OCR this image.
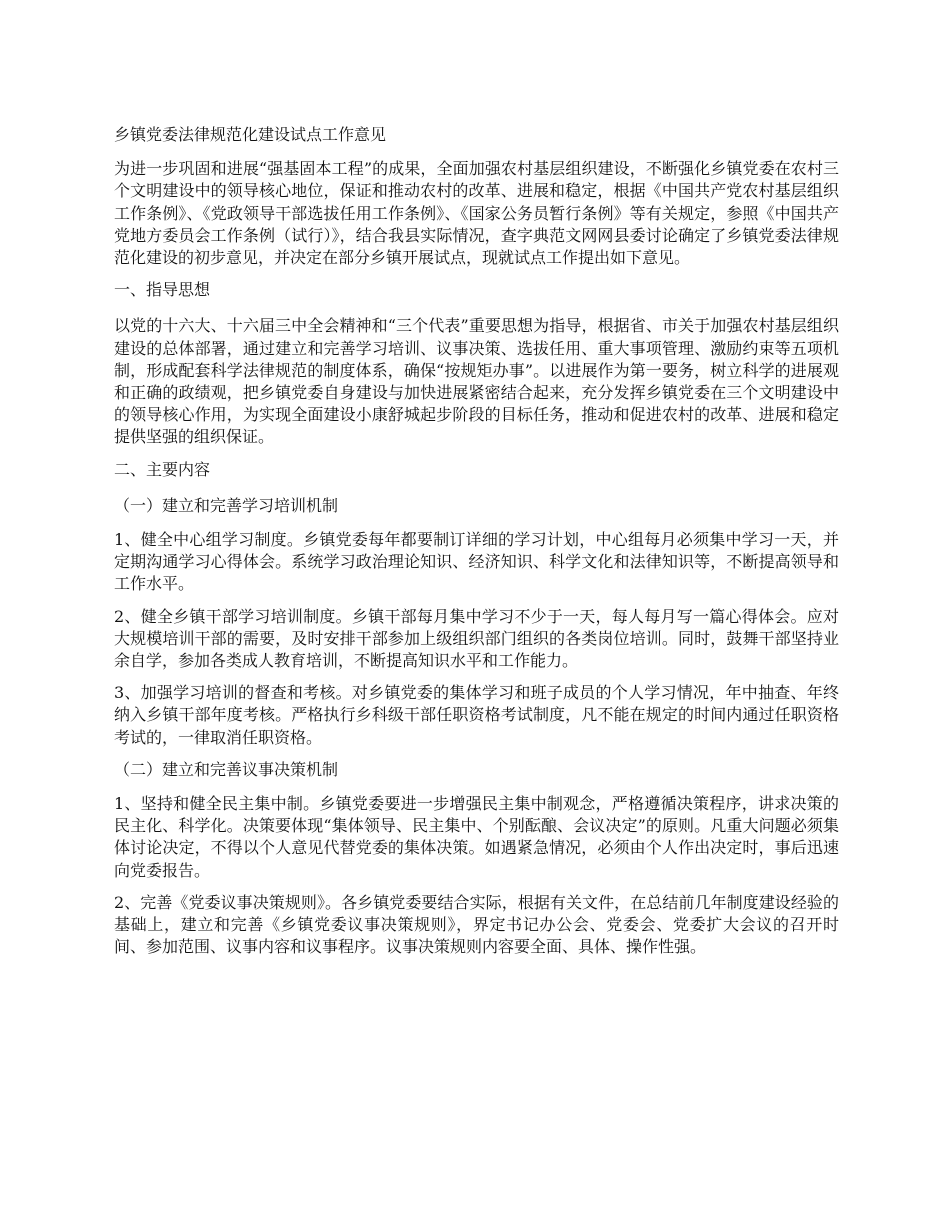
乡镇党委法律规范化建设试点工作意见

为进一步巩固和进展“强基固本工程”的成果，全面加强农村基层组织建设，不断强化乡镇党委在农村三个文明建设中的领导核心地位，保证和推动农村的改革、进展和稳定，根据《中国共产党农村基层组织工作条例》、《党政领导干部选拔任用工作条例》、《国家公务员暂行条例》等有关规定，参照《中国共产党地方委员会工作条例（试行）》，结合我县实际情况，查字典范文网网县委讨论确定了乡镇党委法律规范化建设的初步意见，并决定在部分乡镇开展试点，现就试点工作提出如下意见。

一、指导思想

以党的十六大、十六届三中全会精神和“三个代表”重要思想为指导，根据省、市关于加强农村基层组织建设的总体部署，通过建立和完善学习培训、议事决策、选拔任用、重大事项管理、激励约束等五项机制，形成配套科学法律规范的制度体系，确保“按规矩办事”。以进展作为第一要务，树立科学的进展观和正确的政绩观，把乡镇党委自身建设与加快进展紧密结合起来，充分发挥乡镇党委在三个文明建设中的领导核心作用，为实现全面建设小康舒城起步阶段的目标任务，推动和促进农村的改革、进展和稳定提供坚强的组织保证。

二、主要内容

（一）建立和完善学习培训机制

1、健全中心组学习制度。乡镇党委每年都要制订详细的学习计划，中心组每月必须集中学习一天，并定期沟通学习心得体会。系统学习政治理论知识、经济知识、科学文化和法律知识等，不断提高领导和工作水平。

2、健全乡镇干部学习培训制度。乡镇干部每月集中学习不少于一天，每人每月写一篇心得体会。应对大规模培训干部的需要，及时安排干部参加上级组织部门组织的各类岗位培训。同时，鼓舞干部坚持业余自学，参加各类成人教育培训，不断提高知识水平和工作能力。

3、加强学习培训的督查和考核。对乡镇党委的集体学习和班子成员的个人学习情况，年中抽查、年终纳入乡镇干部年度考核。严格执行乡科级干部任职资格考试制度，凡不能在规定的时间内通过任职资格考试的，一律取消任职资格。

（二）建立和完善议事决策机制

1、坚持和健全民主集中制。乡镇党委要进一步增强民主集中制观念，严格遵循决策程序，讲求决策的民主化、科学化。决策要体现“集体领导、民主集中、个别酝酿、会议决定”的原则。凡重大问题必须集体讨论决定，不得以个人意见代替党委的集体决策。如遇紧急情况，必须由个人作出决定时，事后迅速向党委报告。

2、完善《党委议事决策规则》。各乡镇党委要结合实际，根据有关文件，在总结前几年制度建设经验的基础上，建立和完善《乡镇党委议事决策规则》，界定书记办公会、党委会、党委扩大会议的召开时间、参加范围、议事内容和议事程序。议事决策规则内容要全面、具体、操作性强。
